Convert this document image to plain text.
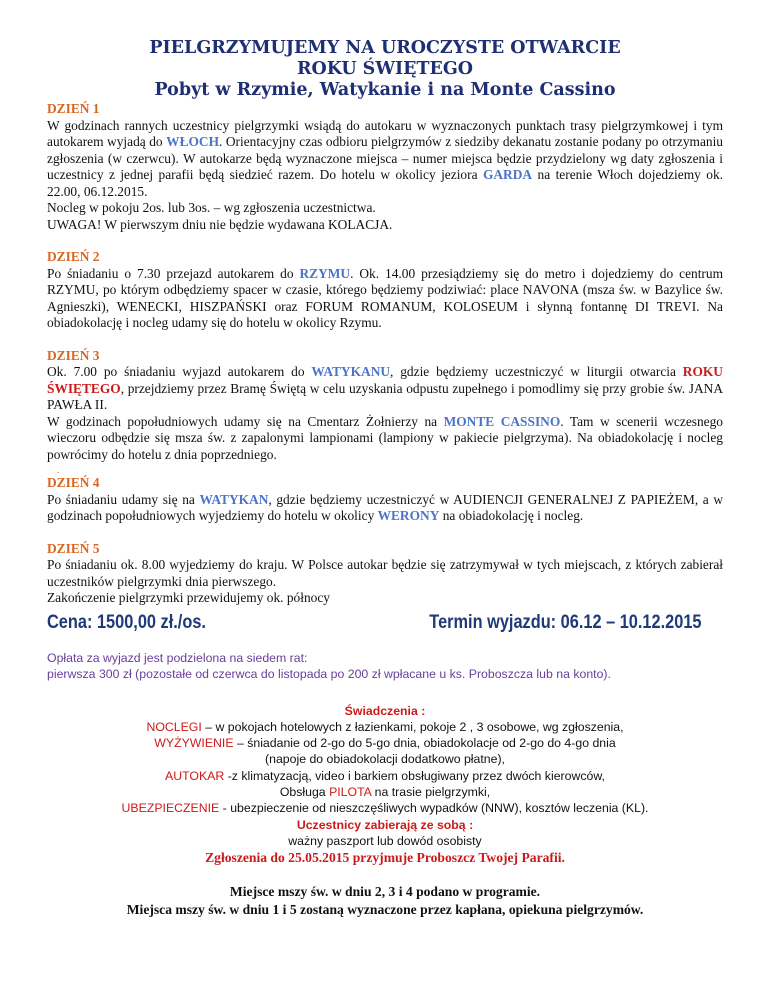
PIELGRZYMUJEMY NA UROCZYSTE OTWARCIE
ROKU ŚWIĘTEGO
Pobyt w Rzymie, Watykanie i na Monte Cassino
DZIEŃ 1
W godzinach rannych uczestnicy pielgrzymki wsiądą do autokaru w wyznaczonych punktach trasy pielgrzymkowej i tym autokarem wyjadą do WŁOCH. Orientacyjny czas odbioru pielgrzymów z siedziby dekanatu zostanie podany po otrzymaniu zgłoszenia (w czerwcu). W autokarze będą wyznaczone miejsca – numer miejsca będzie przydzielony wg daty zgłoszenia i uczestnicy z jednej parafii będą siedzieć razem. Do hotelu w okolicy jeziora GARDA na terenie Włoch dojedziemy ok. 22.00, 06.12.2015.
Nocleg w pokoju 2os. lub 3os. – wg zgłoszenia uczestnictwa.
UWAGA! W pierwszym dniu nie będzie wydawana KOLACJA.
DZIEŃ 2
Po śniadaniu o 7.30 przejazd autokarem do RZYMU. Ok. 14.00 przesiądziemy się do metro i dojedziemy do centrum RZYMU, po którym odbędziemy spacer w czasie, którego będziemy podziwiać: place NAVONA (msza św. w Bazylice św. Agnieszki), WENECKI, HISZPAŃSKI oraz FORUM ROMANUM, KOLOSEUM i słynną fontannę DI TREVI. Na obiadokolację i nocleg udamy się do hotelu w okolicy Rzymu.
DZIEŃ 3
Ok. 7.00 po śniadaniu wyjazd autokarem do WATYKANU, gdzie będziemy uczestniczyć w liturgii otwarcia ROKU ŚWIĘTEGO, przejdziemy przez Bramę Świętą w celu uzyskania odpustu zupełnego i pomodlimy się przy grobie św. JANA PAWŁA II.
W godzinach popołudniowych udamy się na Cmentarz Żołnierzy na MONTE CASSINO. Tam w scenerii wczesnego wieczoru odbędzie się msza św. z zapalonymi lampionami (lampiony w pakiecie pielgrzyma). Na obiadokolację i nocleg powrócimy do hotelu z dnia poprzedniego.
.
DZIEŃ 4
Po śniadaniu udamy się na WATYKAN, gdzie będziemy uczestniczyć w AUDIENCJI GENERALNEJ Z PAPIEŻEM, a w godzinach popołudniowych wyjedziemy do hotelu w okolicy WERONY na obiadokolację i nocleg.
DZIEŃ 5
Po śniadaniu ok. 8.00 wyjedziemy do kraju. W Polsce autokar będzie się zatrzymywał w tych miejscach, z których zabierał uczestników pielgrzymki dnia pierwszego.
Zakończenie pielgrzymki przewidujemy ok. północy
Cena: 1500,00 zł./os.	Termin wyjazdu: 06.12 – 10.12.2015
Opłata za wyjazd jest podzielona na siedem rat:
pierwsza 300 zł (pozostałe od czerwca do listopada po 200 zł wpłacane u ks. Proboszcza lub na konto).
Świadczenia :
NOCLEGI – w pokojach hotelowych z łazienkami, pokoje 2 , 3 osobowe, wg zgłoszenia,
WYŻYWIENIE – śniadanie od 2-go do 5-go dnia, obiadokolacje od 2-go do 4-go dnia
(napoje do obiadokolacji dodatkowo płatne),
AUTOKAR -z klimatyzacją, video i barkiem obsługiwany przez dwóch kierowców,
Obsługa PILOTA na trasie pielgrzymki,
UBEZPIECZENIE - ubezpieczenie od nieszczęśliwych wypadków (NNW), kosztów leczenia (KL).
Uczestnicy zabierają ze sobą :
ważny paszport lub dowód osobisty
Zgłoszenia do 25.05.2015 przyjmuje Proboszcz Twojej Parafii.
Miejsce mszy św. w dniu 2, 3 i 4 podano w programie.
Miejsca mszy św. w dniu 1 i 5 zostaną wyznaczone przez kapłana, opiekuna pielgrzymów.
